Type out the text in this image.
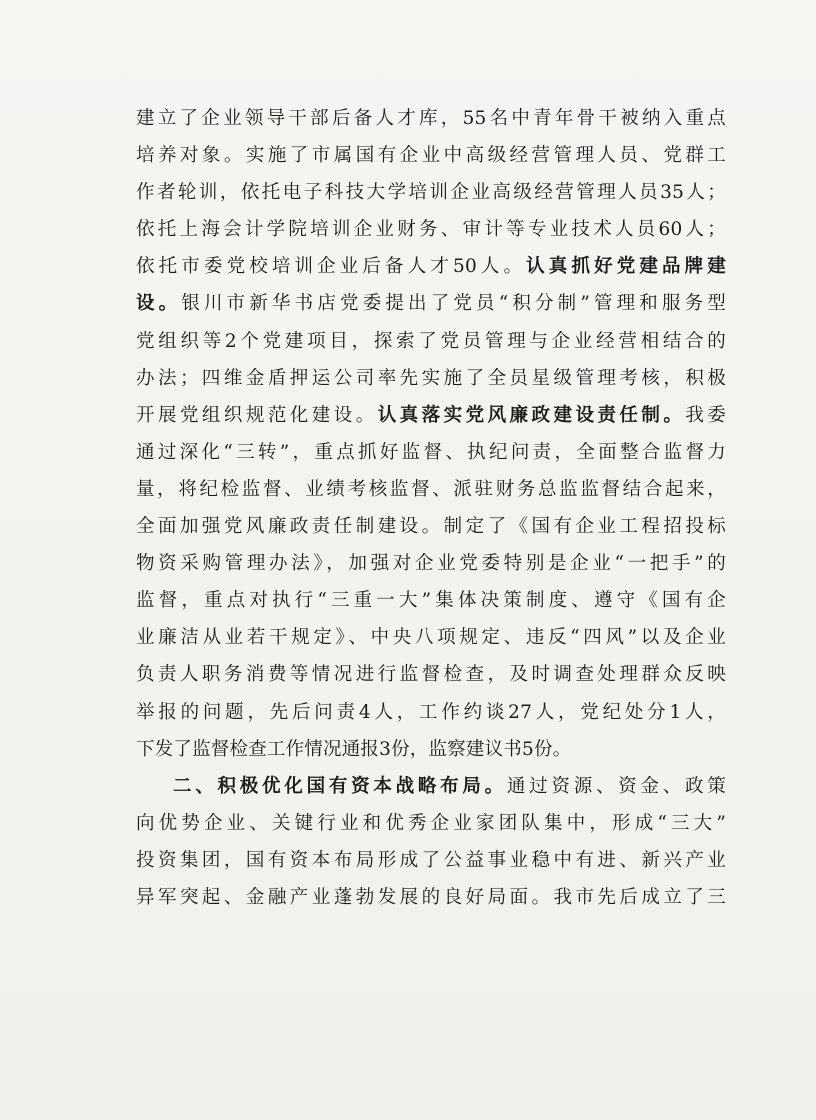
建立了企业领导干部后备人才库，55名中青年骨干被纳入重点
培养对象。实施了市属国有企业中高级经营管理人员、党群工
作者轮训，依托电子科技大学培训企业高级经营管理人员35人；
依托上海会计学院培训企业财务、审计等专业技术人员60人；
依托市委党校培训企业后备人才50人。认真抓好党建品牌建
设。银川市新华书店党委提出了党员“积分制”管理和服务型
党组织等2个党建项目，探索了党员管理与企业经营相结合的
办法；四维金盾押运公司率先实施了全员星级管理考核，积极
开展党组织规范化建设。认真落实党风廉政建设责任制。我委
通过深化“三转”，重点抓好监督、执纪问责，全面整合监督力
量，将纪检监督、业绩考核监督、派驻财务总监监督结合起来，
全面加强党风廉政责任制建设。制定了《国有企业工程招投标
物资采购管理办法》，加强对企业党委特别是企业“一把手”的
监督，重点对执行“三重一大”集体决策制度、遵守《国有企
业廉洁从业若干规定》、中央八项规定、违反“四风”以及企业
负责人职务消费等情况进行监督检查，及时调查处理群众反映
举报的问题，先后问责4人，工作约谈27人，党纪处分1人，
下发了监督检查工作情况通报3份，监察建议书5份。
二、积极优化国有资本战略布局。通过资源、资金、政策
向优势企业、关键行业和优秀企业家团队集中，形成“三大”
投资集团，国有资本布局形成了公益事业稳中有进、新兴产业
异军突起、金融产业蓬勃发展的良好局面。我市先后成立了三
